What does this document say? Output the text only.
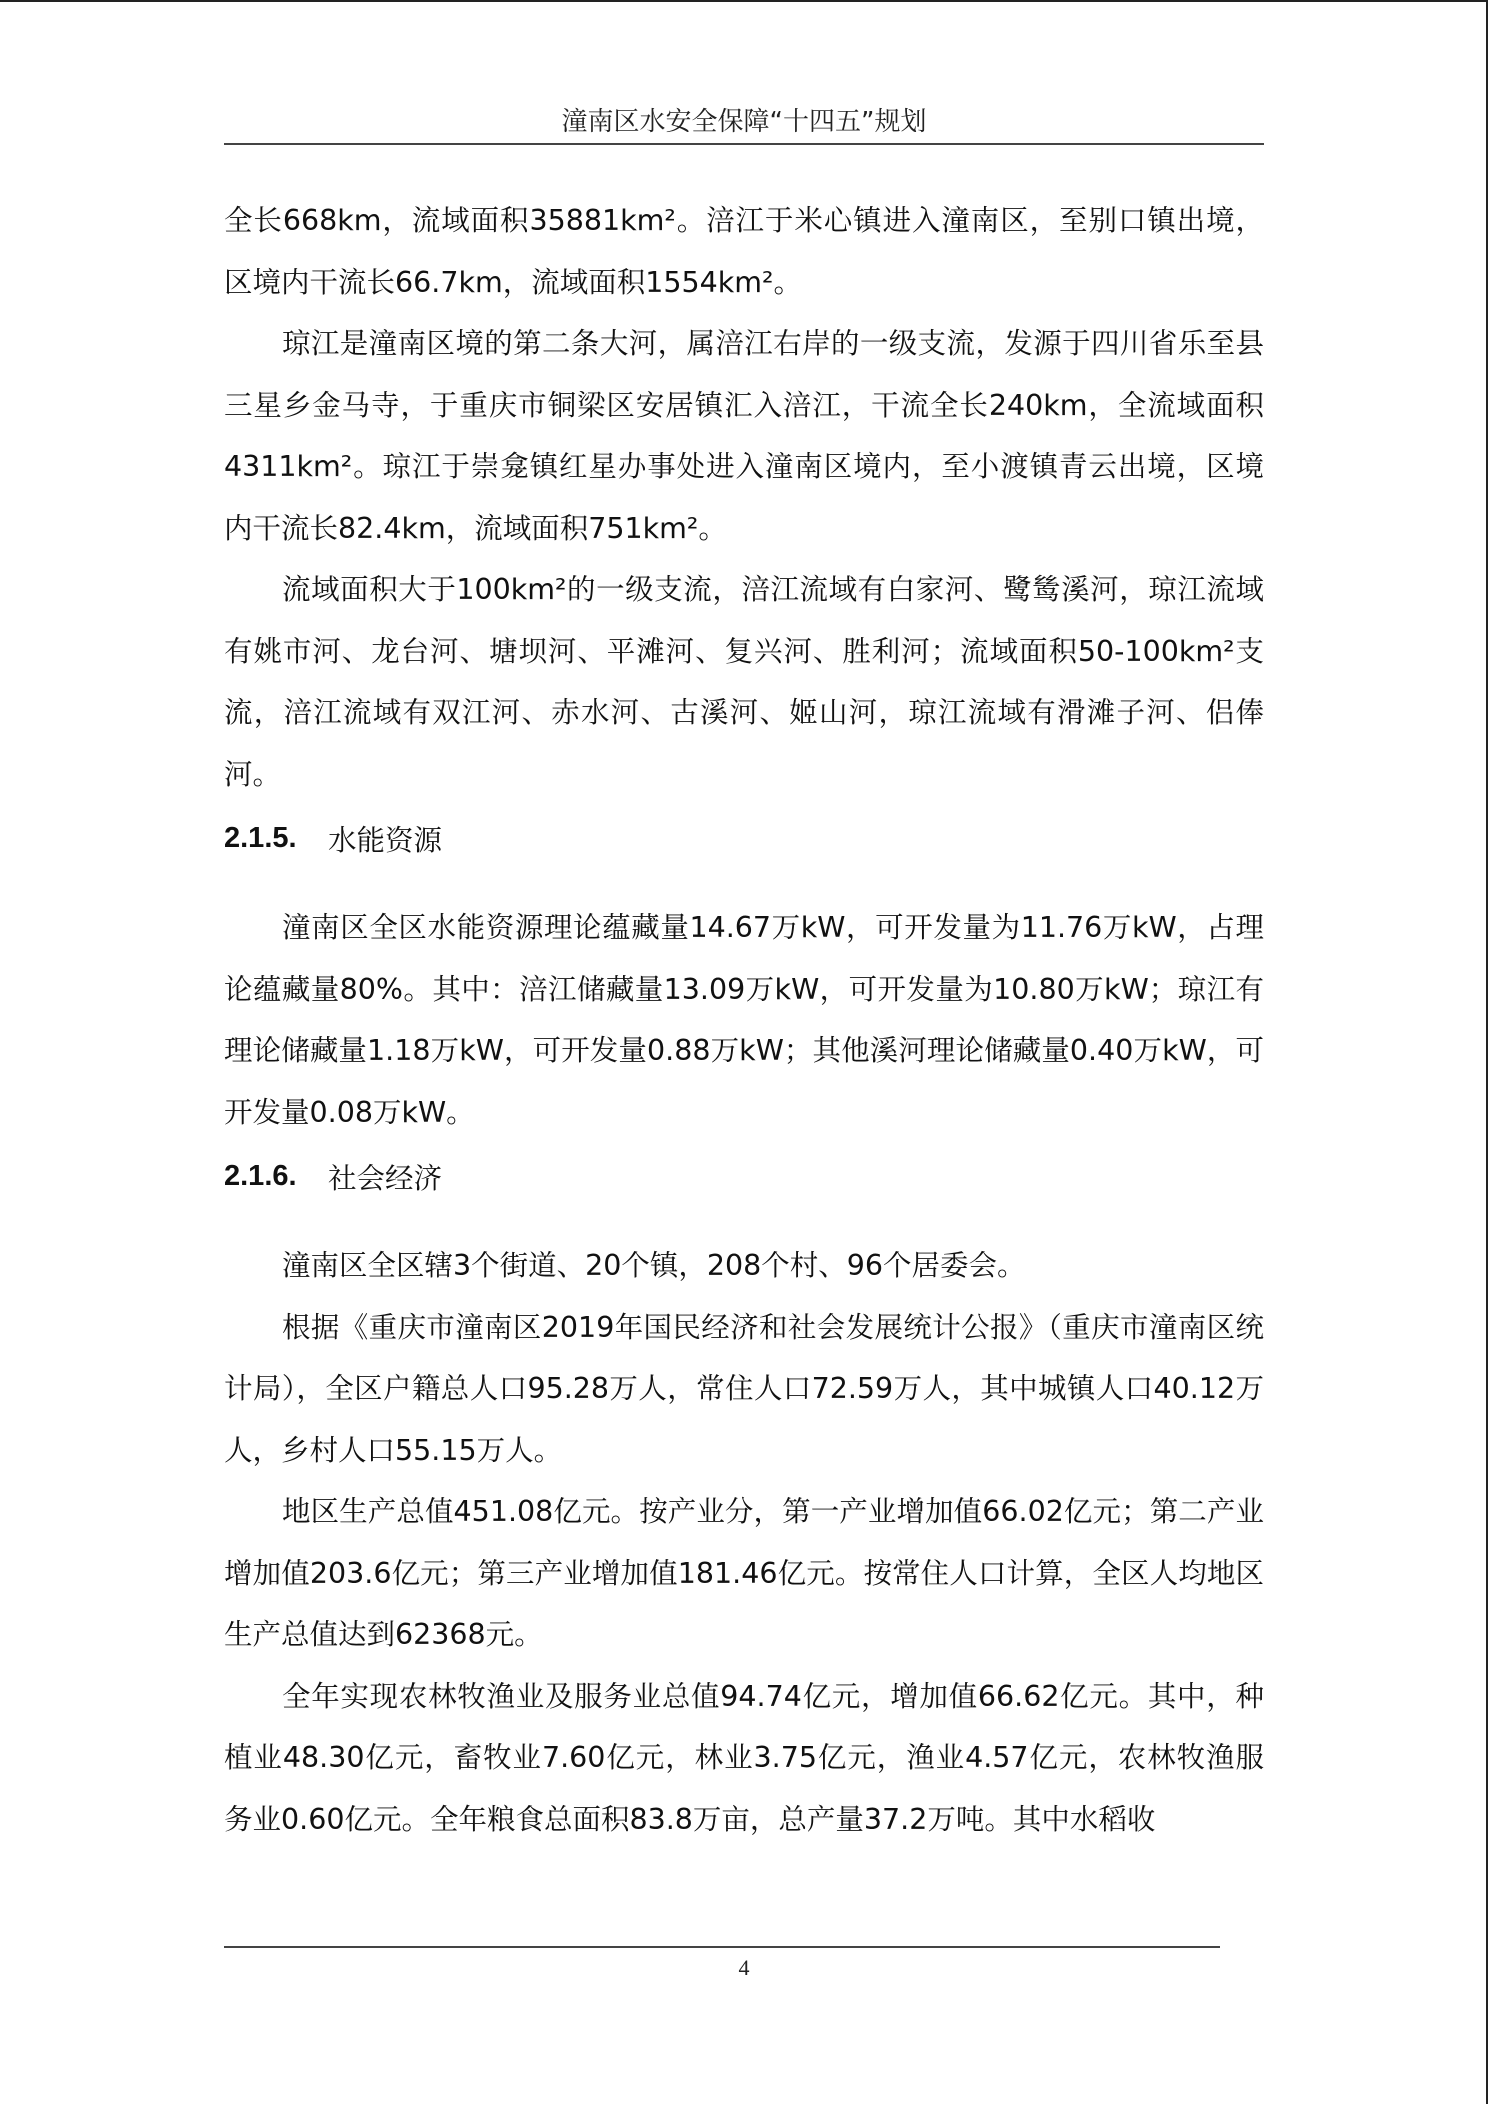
潼南区水安全保障“十四五”规划

全长668km，流域面积35881km²。涪江于米心镇进入潼南区，至别口镇出境，区境内干流长66.7km，流域面积1554km²。

琼江是潼南区境的第二条大河，属涪江右岸的一级支流，发源于四川省乐至县三星乡金马寺，于重庆市铜梁区安居镇汇入涪江，干流全长240km，全流域面积4311km²。琼江于崇龛镇红星办事处进入潼南区境内，至小渡镇青云出境，区境内干流长82.4km，流域面积751km²。

流域面积大于100km²的一级支流，涪江流域有白家河、鹭鸶溪河，琼江流域有姚市河、龙台河、塘坝河、平滩河、复兴河、胜利河；流域面积50-100km²支流，涪江流域有双江河、赤水河、古溪河、姬山河，琼江流域有滑滩子河、侣俸河。

2.1.5.	水能资源

潼南区全区水能资源理论蕴藏量14.67万kW，可开发量为11.76万kW，占理论蕴藏量80%。其中：涪江储藏量13.09万kW，可开发量为10.80万kW；琼江有理论储藏量1.18万kW，可开发量0.88万kW；其他溪河理论储藏量0.40万kW，可开发量0.08万kW。

2.1.6.	社会经济

潼南区全区辖3个街道、20个镇，208个村、96个居委会。

根据《重庆市潼南区2019年国民经济和社会发展统计公报》（重庆市潼南区统计局），全区户籍总人口95.28万人，常住人口72.59万人，其中城镇人口40.12万人，乡村人口55.15万人。

地区生产总值451.08亿元。按产业分，第一产业增加值66.02亿元；第二产业增加值203.6亿元；第三产业增加值181.46亿元。按常住人口计算，全区人均地区生产总值达到62368元。

全年实现农林牧渔业及服务业总值94.74亿元，增加值66.62亿元。其中，种植业48.30亿元，畜牧业7.60亿元，林业3.75亿元，渔业4.57亿元，农林牧渔服务业0.60亿元。全年粮食总面积83.8万亩，总产量37.2万吨。其中水稻收

4
